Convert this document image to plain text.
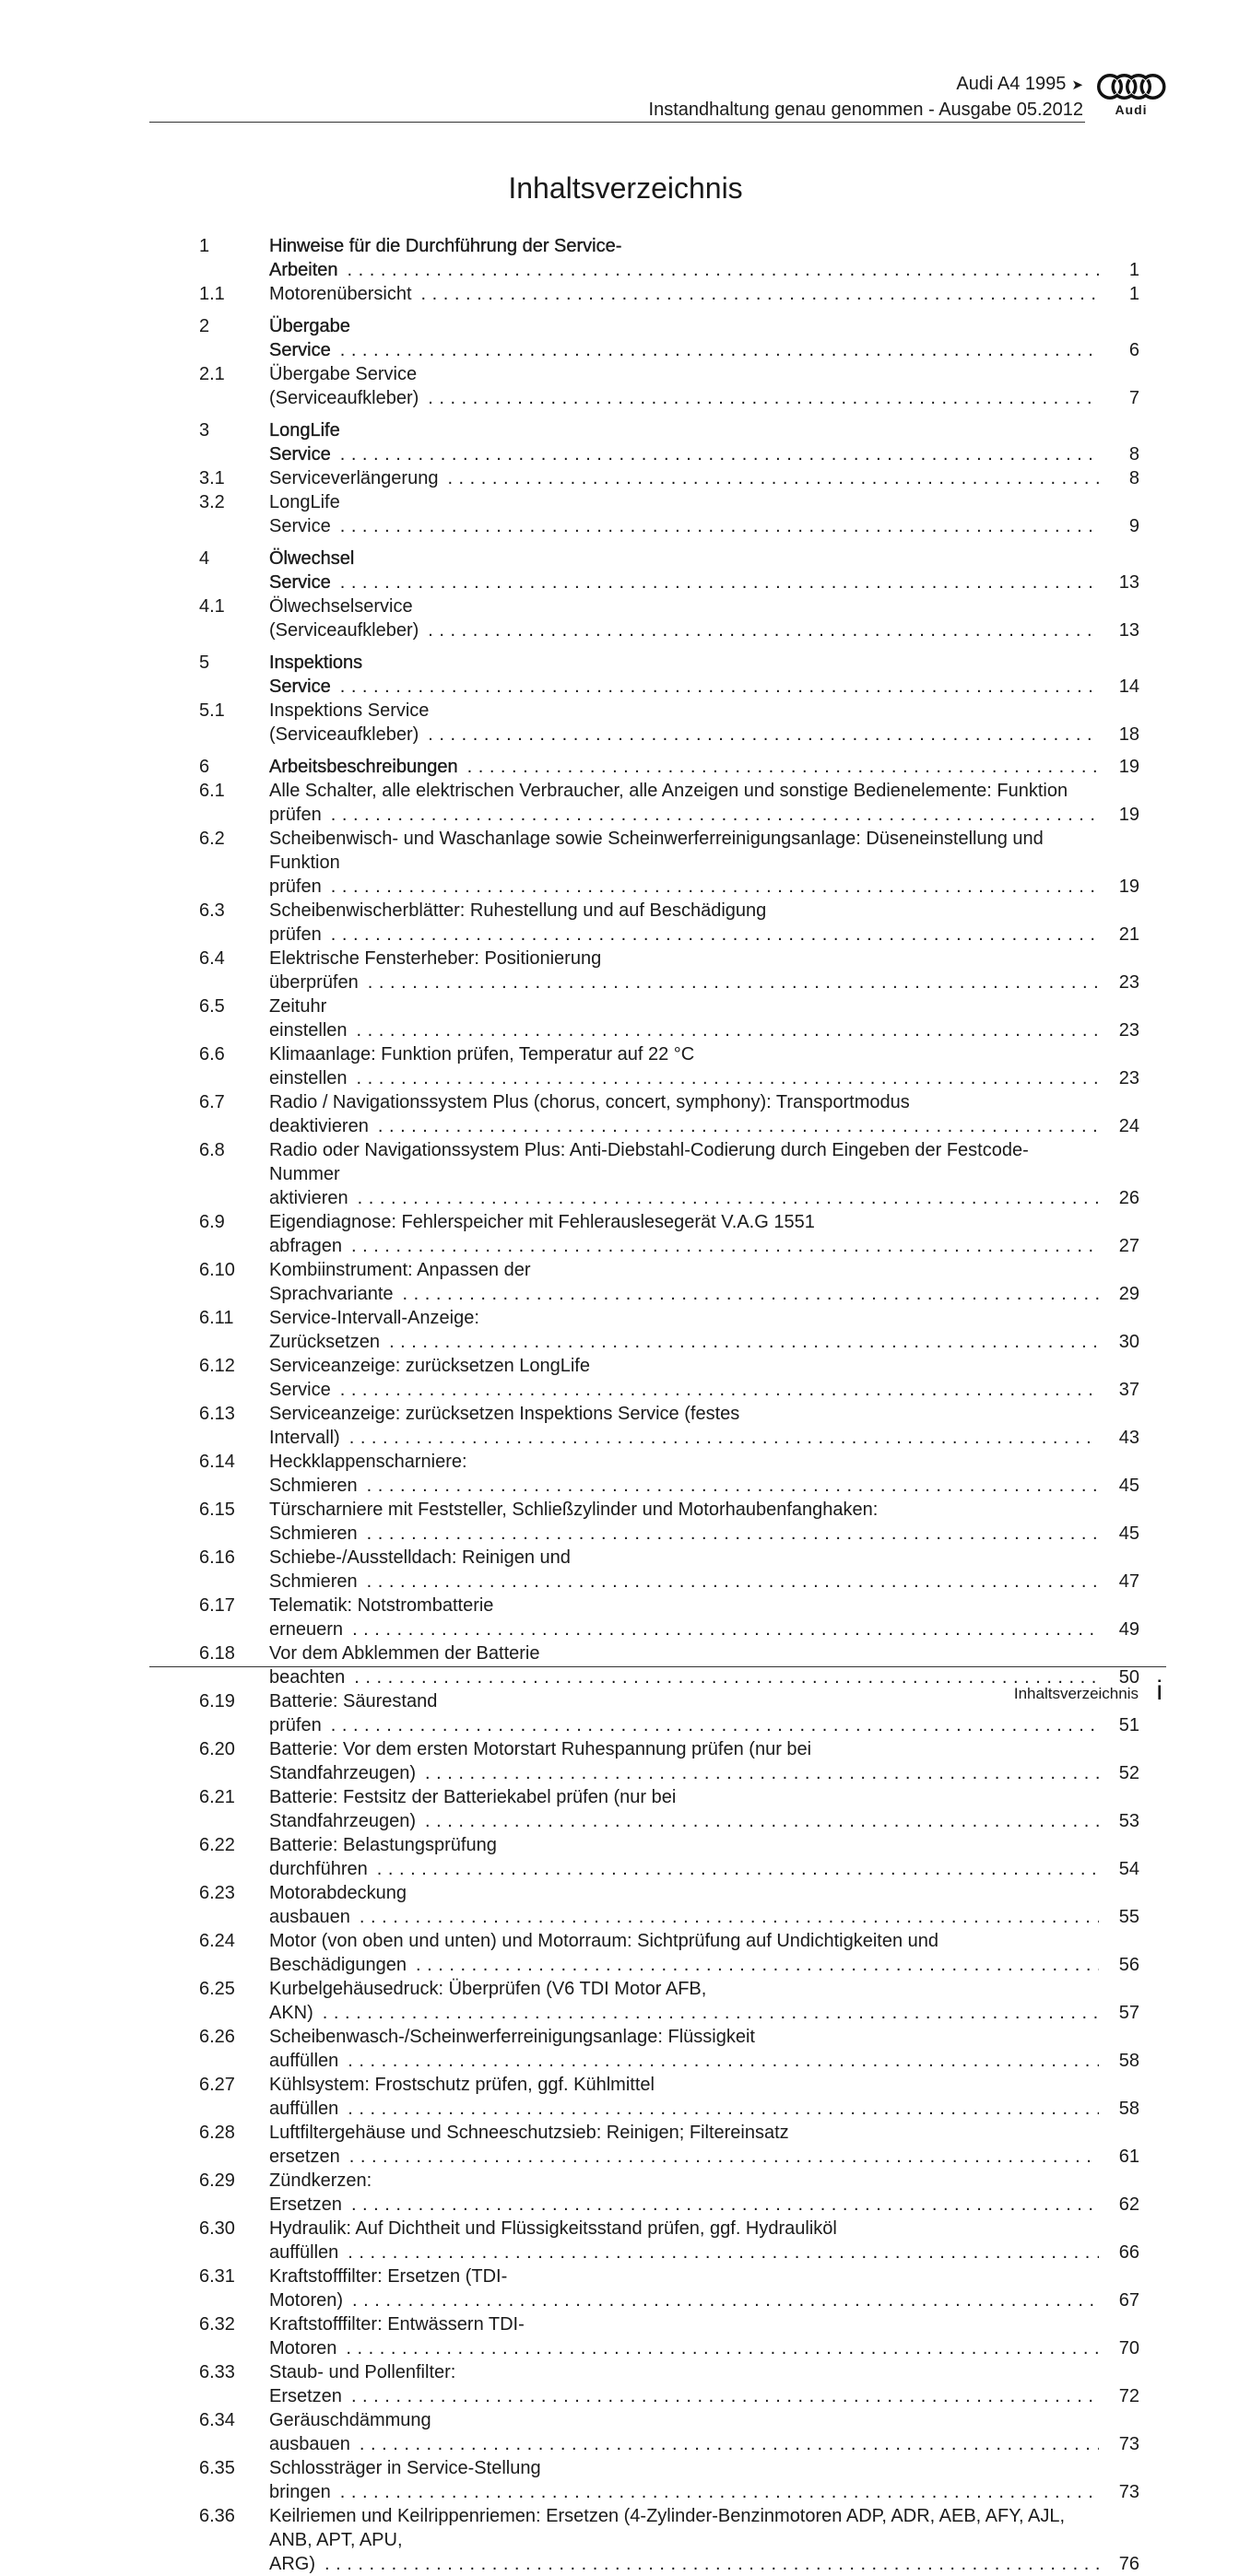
Audi A4 1995 ➤
Instandhaltung genau genommen - Ausgabe 05.2012	Audi
Inhaltsverzeichnis
1	Hinweise für die Durchführung der Service-Arbeiten . . .	1
1.1	Motorenübersicht . . .	1
2	Übergabe Service . . .	6
2.1	Übergabe Service (Serviceaufkleber) . . .	7
3	LongLife Service . . .	8
3.1	Serviceverlängerung . . .	8
3.2	LongLife Service . . .	9
4	Ölwechsel Service . . .	13
4.1	Ölwechselservice (Serviceaufkleber) . . .	13
5	Inspektions Service . . .	14
5.1	Inspektions Service (Serviceaufkleber) . . .	18
6	Arbeitsbeschreibungen . . .	19
6.1	Alle Schalter, alle elektrischen Verbraucher, alle Anzeigen und sonstige Bedienelemente: Funktion prüfen . . .	19
6.2	Scheibenwisch- und Waschanlage sowie Scheinwerferreinigungsanlage: Düseneinstellung und Funktion prüfen . . .	19
6.3	Scheibenwischerblätter: Ruhestellung und auf Beschädigung prüfen . . .	21
6.4	Elektrische Fensterheber: Positionierung überprüfen . . .	23
6.5	Zeituhr einstellen . . .	23
6.6	Klimaanlage: Funktion prüfen, Temperatur auf 22 °C einstellen . . .	23
6.7	Radio / Navigationssystem Plus (chorus, concert, symphony): Transportmodus deaktivieren . . .	24
6.8	Radio oder Navigationssystem Plus: Anti-Diebstahl-Codierung durch Eingeben der Festcode-Nummer aktivieren . . .	26
6.9	Eigendiagnose: Fehlerspeicher mit Fehlerauslesegerät V.A.G 1551 abfragen . . .	27
6.10	Kombiinstrument: Anpassen der Sprachvariante . . .	29
6.11	Service-Intervall-Anzeige: Zurücksetzen . . .	30
6.12	Serviceanzeige: zurücksetzen LongLife Service . . .	37
6.13	Serviceanzeige: zurücksetzen Inspektions Service (festes Intervall) . . .	43
6.14	Heckklappenscharniere: Schmieren . . .	45
6.15	Türscharniere mit Feststeller, Schließzylinder und Motorhaubenfanghaken: Schmieren . . .	45
6.16	Schiebe-/Ausstelldach: Reinigen und Schmieren . . .	47
6.17	Telematik: Notstrombatterie erneuern . . .	49
6.18	Vor dem Abklemmen der Batterie beachten . . .	50
6.19	Batterie: Säurestand prüfen . . .	51
6.20	Batterie: Vor dem ersten Motorstart Ruhespannung prüfen (nur bei Standfahrzeugen) . . .	52
6.21	Batterie: Festsitz der Batteriekabel prüfen (nur bei Standfahrzeugen) . . .	53
6.22	Batterie: Belastungsprüfung durchführen . . .	54
6.23	Motorabdeckung ausbauen . . .	55
6.24	Motor (von oben und unten) und Motorraum: Sichtprüfung auf Undichtigkeiten und Beschädigungen . . .	56
6.25	Kurbelgehäusedruck: Überprüfen (V6 TDI Motor AFB, AKN) . . .	57
6.26	Scheibenwasch-/Scheinwerferreinigungsanlage: Flüssigkeit auffüllen . . .	58
6.27	Kühlsystem: Frostschutz prüfen, ggf. Kühlmittel auffüllen . . .	58
6.28	Luftfiltergehäuse und Schneeschutzsieb: Reinigen; Filtereinsatz ersetzen . . .	61
6.29	Zündkerzen: Ersetzen . . .	62
6.30	Hydraulik: Auf Dichtheit und Flüssigkeitsstand prüfen, ggf. Hydrauliköl auffüllen . . .	66
6.31	Kraftstofffilter: Ersetzen (TDI-Motoren) . . .	67
6.32	Kraftstofffilter: Entwässern TDI-Motoren . . .	70
6.33	Staub- und Pollenfilter: Ersetzen . . .	72
6.34	Geräuschdämmung ausbauen . . .	73
6.35	Schlossträger in Service-Stellung bringen . . .	73
6.36	Keilriemen und Keilrippenriemen: Ersetzen (4-Zylinder-Benzinmotoren ADP, ADR, AEB, AFY, AJL, ANB, APT, APU, ARG) . . .	76
Inhaltsverzeichnis i
